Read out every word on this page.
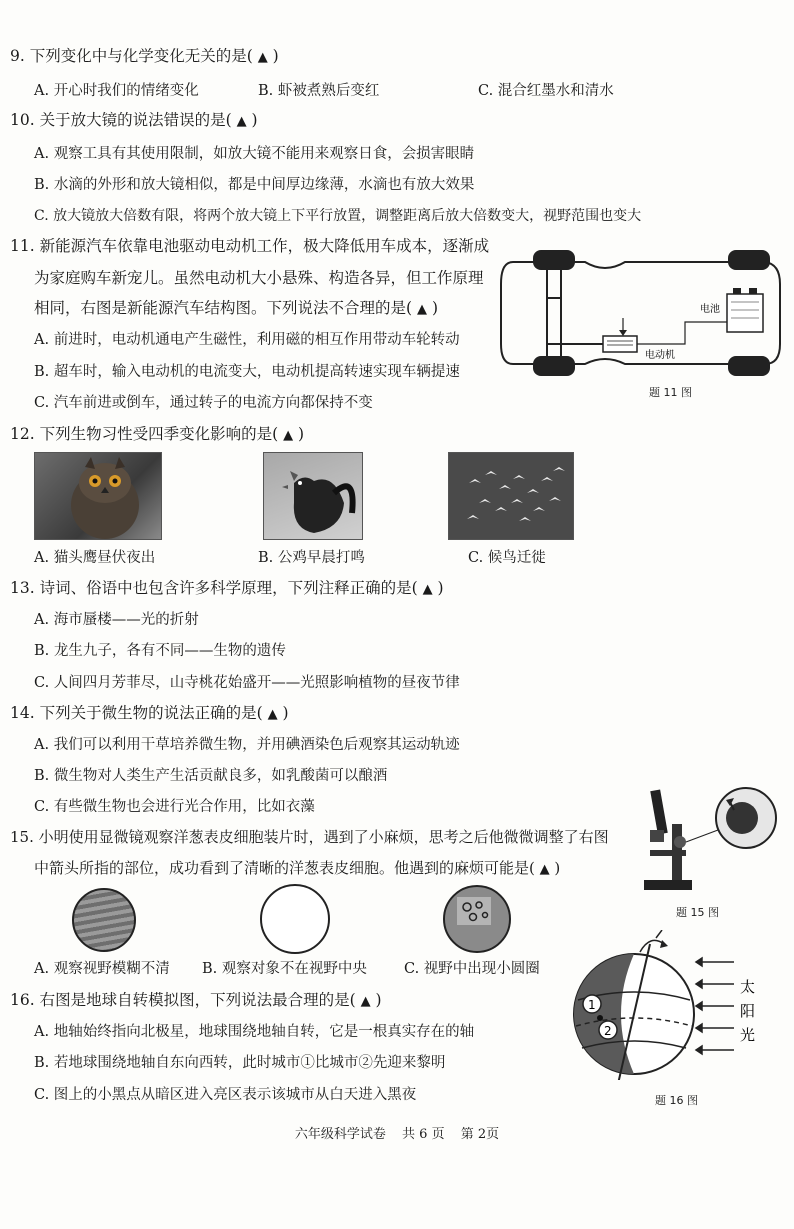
9. 下列变化中与化学变化无关的是( ▲ )
A. 开心时我们的情绪变化	B. 虾被煮熟后变红	C. 混合红墨水和清水
10. 关于放大镜的说法错误的是( ▲ )
A. 观察工具有其使用限制，如放大镜不能用来观察日食，会损害眼睛
B. 水滴的外形和放大镜相似，都是中间厚边缘薄，水滴也有放大效果
C. 放大镜放大倍数有限，将两个放大镜上下平行放置，调整距离后放大倍数变大，视野范围也变大
11. 新能源汽车依靠电池驱动电动机工作，极大降低用车成本，逐渐成
为家庭购车新宠儿。虽然电动机大小悬殊、构造各异，但工作原理
相同，右图是新能源汽车结构图。下列说法不合理的是( ▲ )
A. 前进时，电动机通电产生磁性，利用磁的相互作用带动车轮转动
B. 超车时，输入电动机的电流变大，电动机提高转速实现车辆提速
C. 汽车前进或倒车，通过转子的电流方向都保持不变
电池
电动机
题 11 图
12. 下列生物习性受四季变化影响的是( ▲ )
A. 猫头鹰昼伏夜出	B. 公鸡早晨打鸣	C. 候鸟迁徙
13. 诗词、俗语中也包含许多科学原理，下列注释正确的是( ▲ )
A. 海市蜃楼——光的折射
B. 龙生九子，各有不同——生物的遗传
C. 人间四月芳菲尽，山寺桃花始盛开——光照影响植物的昼夜节律
14. 下列关于微生物的说法正确的是( ▲ )
A. 我们可以利用干草培养微生物，并用碘酒染色后观察其运动轨迹
B. 微生物对人类生产生活贡献良多，如乳酸菌可以酿酒
C. 有些微生物也会进行光合作用，比如衣藻
15. 小明使用显微镜观察洋葱表皮细胞装片时，遇到了小麻烦，思考之后他微微调整了右图
中箭头所指的部位，成功看到了清晰的洋葱表皮细胞。他遇到的麻烦可能是( ▲ )
题 15 图
A. 观察视野模糊不清 B. 观察对象不在视野中央	C. 视野中出现小圆圈
16. 右图是地球自转模拟图，下列说法最合理的是( ▲ )
A. 地轴始终指向北极星，地球围绕地轴自转，它是一根真实存在的轴
B. 若地球围绕地轴自东向西转，此时城市①比城市②先迎来黎明
C. 图上的小黑点从暗区进入亮区表示该城市从白天进入黑夜
1
2
太
阳
光
题 16 图
六年级科学试卷 共 6 页 第 2页
